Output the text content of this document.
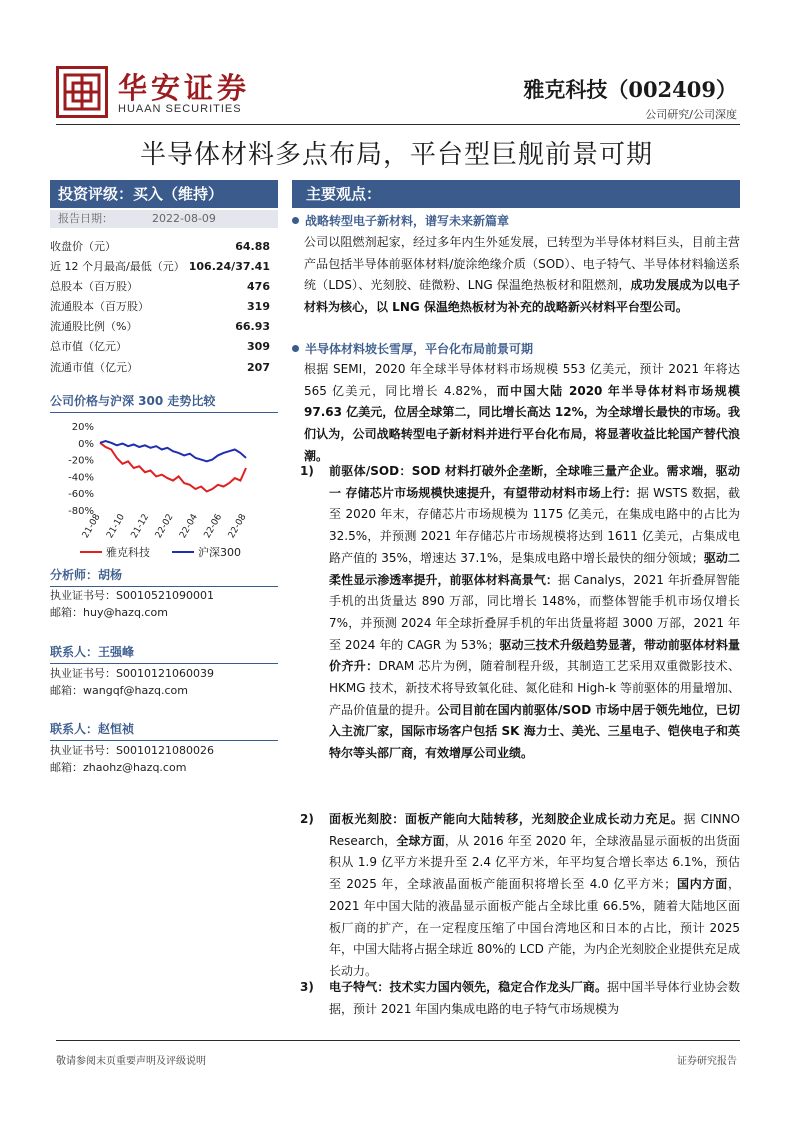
华安证券
HUAAN SECURITIES
雅克科技（002409）
公司研究/公司深度
半导体材料多点布局，平台型巨舰前景可期
投资评级：买入（维持）
报告日期：	2022-08-09
收盘价（元）	64.88
近 12 个月最高/最低（元） 106.24/37.41
总股本（百万股）	476
流通股本（百万股）	319
流通股比例（%）	66.93
总市值（亿元）	309
流通市值（亿元）	207
公司价格与沪深 300 走势比较
20%
0%
-20%
-40%
-60%
-80%
21-08 21-10 21-12 22-02 22-04 22-06 22-08
雅克科技	沪深300
分析师：胡杨
执业证书号：S0010521090001
邮箱：huy@hazq.com
联系人：王强峰
执业证书号：S0010121060039
邮箱：wangqf@hazq.com
联系人：赵恒祯
执业证书号：S0010121080026
邮箱：zhaohz@hazq.com
主要观点：
战略转型电子新材料，谱写未来新篇章
公司以阻燃剂起家，经过多年内生外延发展，已转型为半导体材料巨头，目前主营产品包括半导体前驱体材料/旋涂绝缘介质（SOD）、电子特气、半导体材料输送系统（LDS）、光刻胶、硅微粉、LNG 保温绝热板材和阻燃剂，成功发展成为以电子材料为核心，以 LNG 保温绝热板材为补充的战略新兴材料平台型公司。
半导体材料坡长雪厚，平台化布局前景可期
根据 SEMI，2020 年全球半导体材料市场规模 553 亿美元，预计 2021 年将达 565 亿美元，同比增长 4.82%，而中国大陆 2020 年半导体材料市场规模 97.63 亿美元，位居全球第二，同比增长高达 12%，为全球增长最快的市场。我们认为，公司战略转型电子新材料并进行平台化布局，将显著收益比轮国产替代浪潮。
1) 前驱体/SOD：SOD 材料打破外企垄断，全球唯三量产企业。需求端，驱动一 存储芯片市场规模快速提升，有望带动材料市场上行：据 WSTS 数据，截至 2020 年末，存储芯片市场规模为 1175 亿美元，在集成电路中的占比为 32.5%，并预测 2021 年存储芯片市场规模将达到 1611 亿美元，占集成电路产值的 35%，增速达 37.1%，是集成电路中增长最快的细分领域；驱动二 柔性显示渗透率提升，前驱体材料高景气：据 Canalys，2021 年折叠屏智能手机的出货量达 890 万部，同比增长 148%，而整体智能手机市场仅增长 7%，并预测 2024 年全球折叠屏手机的年出货量将超 3000 万部，2021 年至 2024 年的 CAGR 为 53%；驱动三技术升级趋势显著，带动前驱体材料量价齐升：DRAM 芯片为例，随着制程升级，其制造工艺采用双重微影技术、HKMG 技术，新技术将导致氧化硅、氮化硅和 High-k 等前驱体的用量增加、产品价值量的提升。公司目前在国内前驱体/SOD 市场中居于领先地位，已切入主流厂家，国际市场客户包括 SK 海力士、美光、三星电子、铠侠电子和英特尔等头部厂商，有效增厚公司业绩。
2) 面板光刻胶：面板产能向大陆转移，光刻胶企业成长动力充足。据 CINNO Research，全球方面，从 2016 年至 2020 年，全球液晶显示面板的出货面积从 1.9 亿平方米提升至 2.4 亿平方米，年平均复合增长率达 6.1%，预估至 2025 年，全球液晶面板产能面积将增长至 4.0 亿平方米；国内方面，2021 年中国大陆的液晶显示面板产能占全球比重 66.5%，随着大陆地区面板厂商的扩产，在一定程度压缩了中国台湾地区和日本的占比，预计 2025 年，中国大陆将占据全球近 80%的 LCD 产能，为内企光刻胶企业提供充足成长动力。
3) 电子特气：技术实力国内领先，稳定合作龙头厂商。据中国半导体行业协会数据，预计 2021 年国内集成电路的电子特气市场规模为
敬请参阅末页重要声明及评级说明	证券研究报告
